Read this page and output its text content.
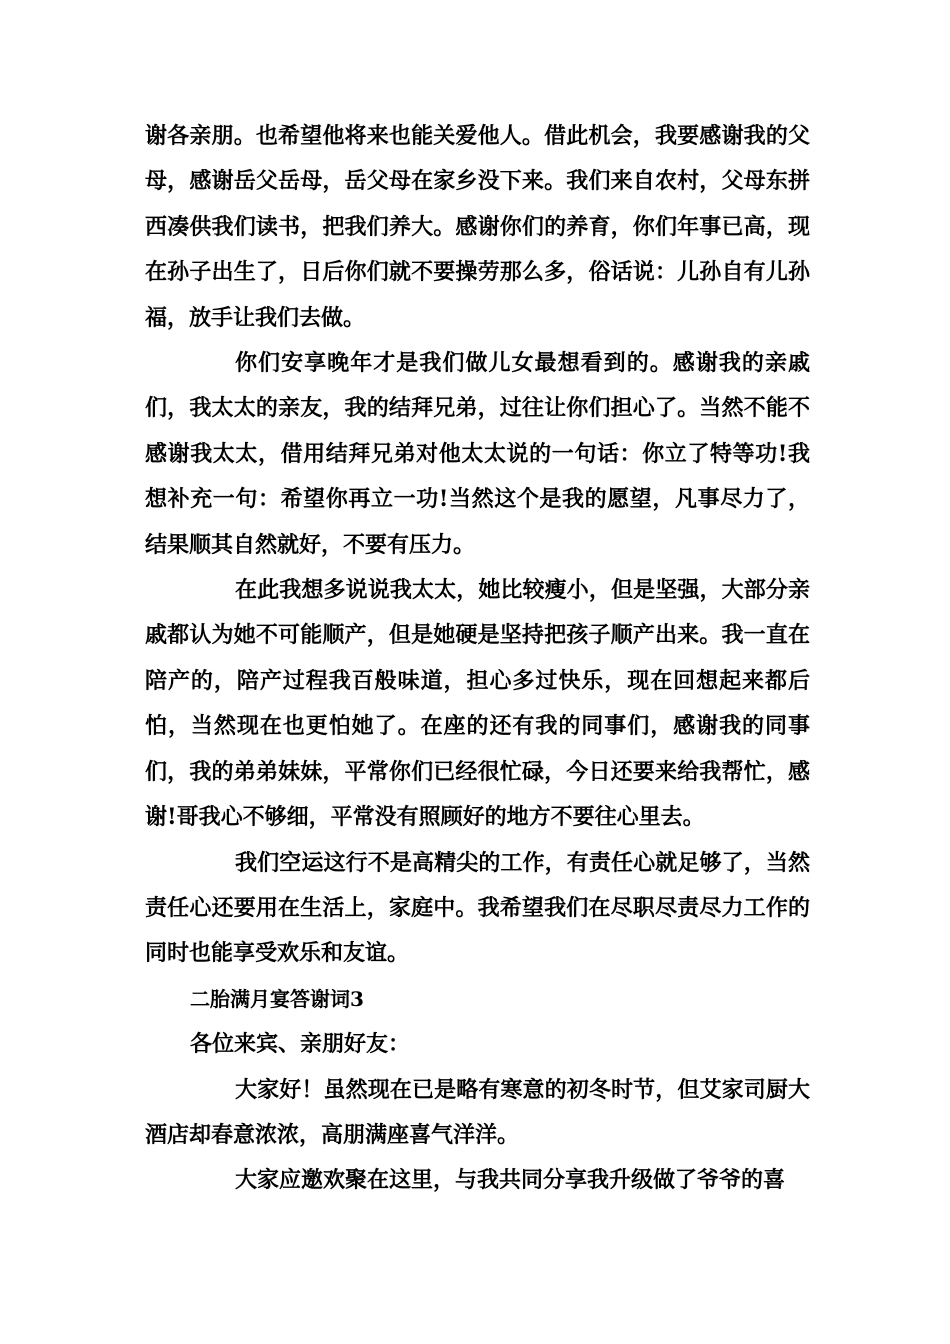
谢各亲朋。也希望他将来也能关爱他人。借此机会，我要感谢我的父母，感谢岳父岳母，岳父母在家乡没下来。我们来自农村，父母东拼西凑供我们读书，把我们养大。感谢你们的养育，你们年事已高，现在孙子出生了，日后你们就不要操劳那么多，俗话说：儿孙自有儿孙福，放手让我们去做。

你们安享晚年才是我们做儿女最想看到的。感谢我的亲戚们，我太太的亲友，我的结拜兄弟，过往让你们担心了。当然不能不感谢我太太，借用结拜兄弟对他太太说的一句话：你立了特等功!我想补充一句：希望你再立一功!当然这个是我的愿望，凡事尽力了，结果顺其自然就好，不要有压力。

在此我想多说说我太太，她比较瘦小，但是坚强，大部分亲戚都认为她不可能顺产，但是她硬是坚持把孩子顺产出来。我一直在陪产的，陪产过程我百般味道，担心多过快乐，现在回想起来都后怕，当然现在也更怕她了。在座的还有我的同事们，感谢我的同事们，我的弟弟妹妹，平常你们已经很忙碌，今日还要来给我帮忙，感谢!哥我心不够细，平常没有照顾好的地方不要往心里去。

我们空运这行不是高精尖的工作，有责任心就足够了，当然责任心还要用在生活上，家庭中。我希望我们在尽职尽责尽力工作的同时也能享受欢乐和友谊。

二胎满月宴答谢词3

各位来宾、亲朋好友：

大家好！虽然现在已是略有寒意的初冬时节，但艾家司厨大酒店却春意浓浓，高朋满座喜气洋洋。

大家应邀欢聚在这里，与我共同分享我升级做了爷爷的喜
